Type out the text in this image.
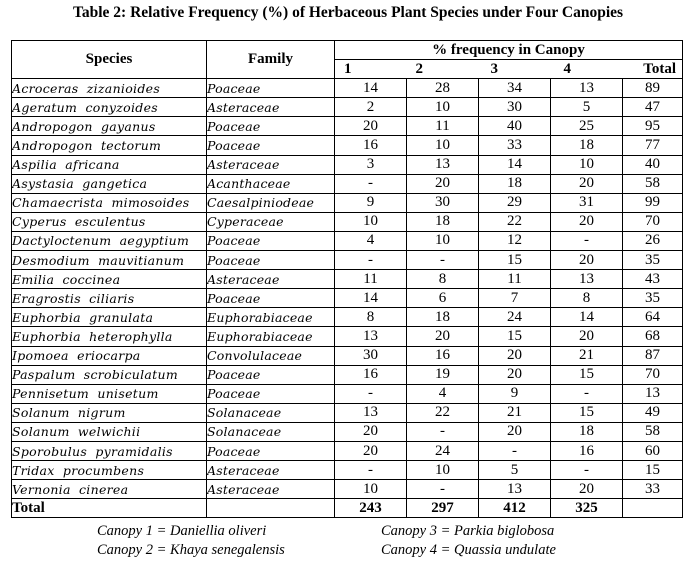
Table 2: Relative Frequency (%) of Herbaceous Plant Species under Four Canopies
Species	Family	% frequency in Canopy				
		1	2	3	4	Total
Acroceras zizanioides	Poaceae	14	28	34	13	89
Ageratum conyzoides	Asteraceae	2	10	30	5	47
Andropogon gayanus	Poaceae	20	11	40	25	95
Andropogon tectorum	Poaceae	16	10	33	18	77
Aspilia africana	Asteraceae	3	13	14	10	40
Asystasia gangetica	Acanthaceae	-	20	18	20	58
Chamaecrista mimosoides	Caesalpiniodeae	9	30	29	31	99
Cyperus esculentus	Cyperaceae	10	18	22	20	70
Dactyloctenum aegyptium	Poaceae	4	10	12	-	26
Desmodium mauvitianum	Poaceae	-	-	15	20	35
Emilia coccinea	Asteraceae	11	8	11	13	43
Eragrostis ciliaris	Poaceae	14	6	7	8	35
Euphorbia granulata	Euphorabiaceae	8	18	24	14	64
Euphorbia heterophylla	Euphorabiaceae	13	20	15	20	68
Ipomoea eriocarpa	Convolulaceae	30	16	20	21	87
Paspalum scrobiculatum	Poaceae	16	19	20	15	70
Pennisetum unisetum	Poaceae	-	4	9	-	13
Solanum nigrum	Solanaceae	13	22	21	15	49
Solanum welwichii	Solanaceae	20	-	20	18	58
Sporobulus pyramidalis	Poaceae	20	24	-	16	60
Tridax procumbens	Asteraceae	-	10	5	-	15
Vernonia cinerea	Asteraceae	10	-	13	20	33
Total		243	297	412	325	
Canopy 1 = Daniellia oliveri
Canopy 2 = Khaya senegalensis
Canopy 3 = Parkia biglobosa
Canopy 4 = Quassia undulate
